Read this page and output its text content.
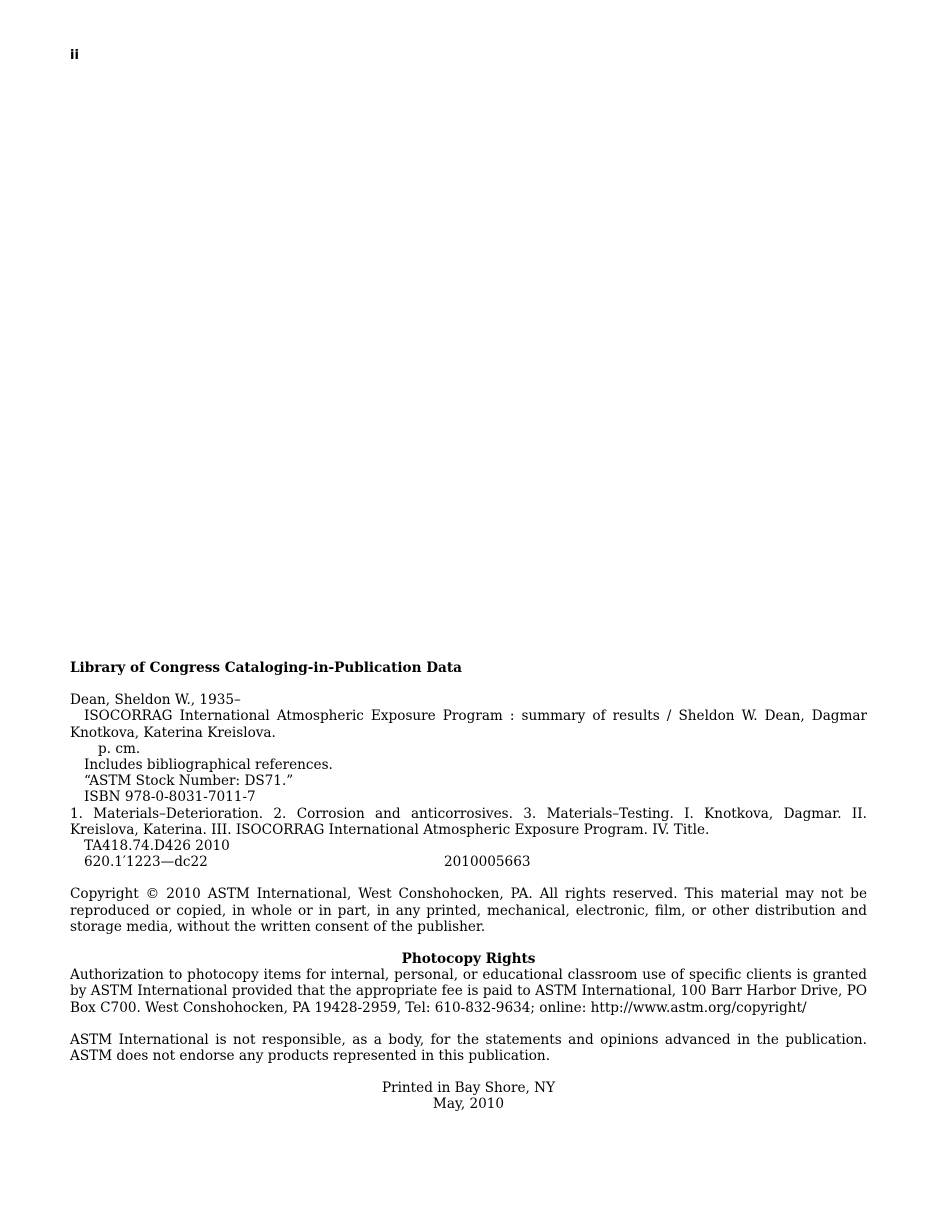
ii

Library of Congress Cataloging-in-Publication Data

Dean, Sheldon W., 1935–

ISOCORRAG International Atmospheric Exposure Program : summary of results / Sheldon W. Dean, Dagmar Knotkova, Katerina Kreislova.

p. cm.

Includes bibliographical references.

“ASTM Stock Number: DS71.”

ISBN 978-0-8031-7011-7

1. Materials–Deterioration. 2. Corrosion and anticorrosives. 3. Materials–Testing. I. Knotkova, Dagmar. II. Kreislova, Katerina. III. ISOCORRAG International Atmospheric Exposure Program. IV. Title.

TA418.74.D426 2010

620.1′1223—dc22	2010005663

Copyright © 2010 ASTM International, West Conshohocken, PA. All rights reserved. This material may not be reproduced or copied, in whole or in part, in any printed, mechanical, electronic, film, or other distribution and storage media, without the written consent of the publisher.

Photocopy Rights

Authorization to photocopy items for internal, personal, or educational classroom use of specific clients is granted by ASTM International provided that the appropriate fee is paid to ASTM International, 100 Barr Harbor Drive, PO Box C700. West Conshohocken, PA 19428-2959, Tel: 610-832-9634; online: http://www.astm.org/copyright/

ASTM International is not responsible, as a body, for the statements and opinions advanced in the publication. ASTM does not endorse any products represented in this publication.

Printed in Bay Shore, NY

May, 2010
